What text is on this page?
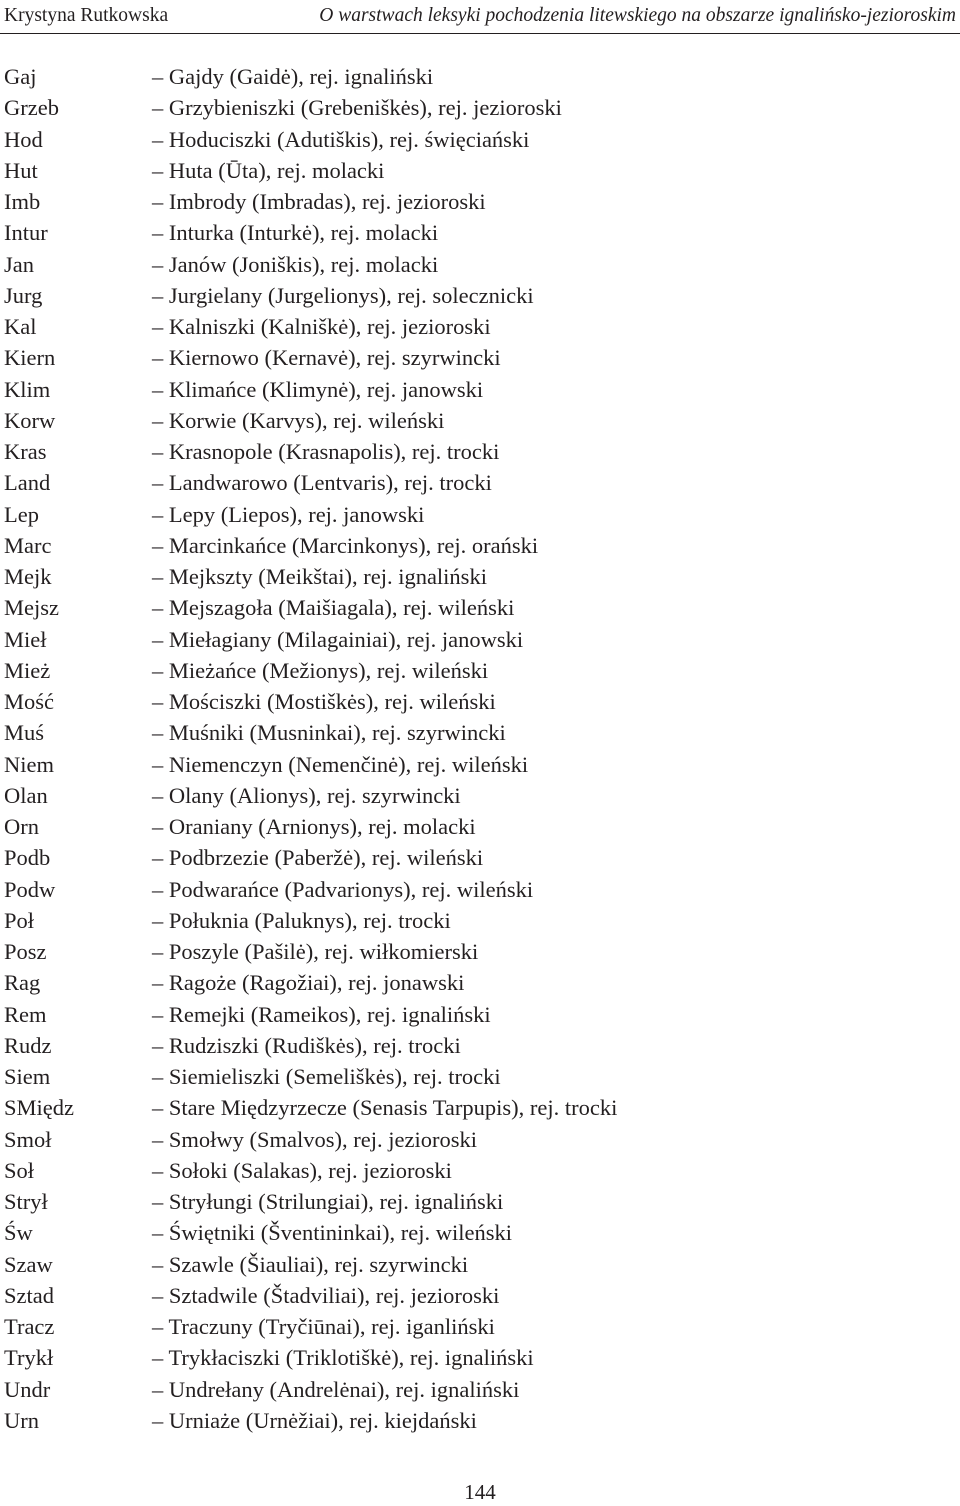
Krystyna Rutkowska	O warstwach leksyki pochodzenia litewskiego na obszarze ignalińsko-jezioroskim
Gaj	– Gajdy (Gaidė), rej. ignaliński
Grzeb	– Grzybieniszki (Grebeniškės), rej. jezioroski
Hod	– Hoduciszki (Adutiškis), rej. święciański
Hut	– Huta (Ūta), rej. molacki
Imb	– Imbrody (Imbradas), rej. jezioroski
Intur	– Inturka (Inturkė), rej. molacki
Jan	– Janów (Joniškis), rej. molacki
Jurg	– Jurgielany (Jurgelionys), rej. solecznicki
Kal	– Kalniszki (Kalniškė), rej. jezioroski
Kiern	– Kiernowo (Kernavė), rej. szyrwincki
Klim	– Klimańce (Klimynė), rej. janowski
Korw	– Korwie (Karvys), rej. wileński
Kras	– Krasnopole (Krasnapolis), rej. trocki
Land	– Landwarowo (Lentvaris), rej. trocki
Lep	– Lepy (Liepos), rej. janowski
Marc	– Marcinkańce (Marcinkonys), rej. orański
Mejk	– Mejkszty (Meikštai), rej. ignaliński
Mejsz	– Mejszagoła (Maišiagala), rej. wileński
Mieł	– Miełagiany (Milagainiai), rej. janowski
Mież	– Mieżańce (Mežionys), rej. wileński
Mość	– Mościszki (Mostiškės), rej. wileński
Muś	– Muśniki (Musninkai), rej. szyrwincki
Niem	– Niemenczyn (Nemenčinė), rej. wileński
Olan	– Olany (Alionys), rej. szyrwincki
Orn	– Oraniany (Arnionys), rej. molacki
Podb	– Podbrzezie (Paberžė), rej. wileński
Podw	– Podwarańce (Padvarionys), rej. wileński
Poł	– Połuknia (Paluknys), rej. trocki
Posz	– Poszyle (Pašilė), rej. wiłkomierski
Rag	– Ragoże (Ragožiai), rej. jonawski
Rem	– Remejki (Rameikos), rej. ignaliński
Rudz	– Rudziszki (Rudiškės), rej. trocki
Siem	– Siemieliszki (Semeliškės), rej. trocki
SMiędz	– Stare Międzyrzecze (Senasis Tarpupis), rej. trocki
Smoł	– Smołwy (Smalvos), rej. jezioroski
Soł	– Sołoki (Salakas), rej. jezioroski
Strył	– Stryłungi (Strilungiai), rej. ignaliński
Św	– Świętniki (Šventininkai), rej. wileński
Szaw	– Szawle (Šiauliai), rej. szyrwincki
Sztad	– Sztadwile (Štadviliai), rej. jezioroski
Tracz	– Traczuny (Tryčiūnai), rej. iganliński
Trykł	– Trykłaciszki (Triklotiškė), rej. ignaliński
Undr	– Undrełany (Andrelėnai), rej. ignaliński
Urn	– Urniaże (Urnėžiai), rej. kiejdański
144
